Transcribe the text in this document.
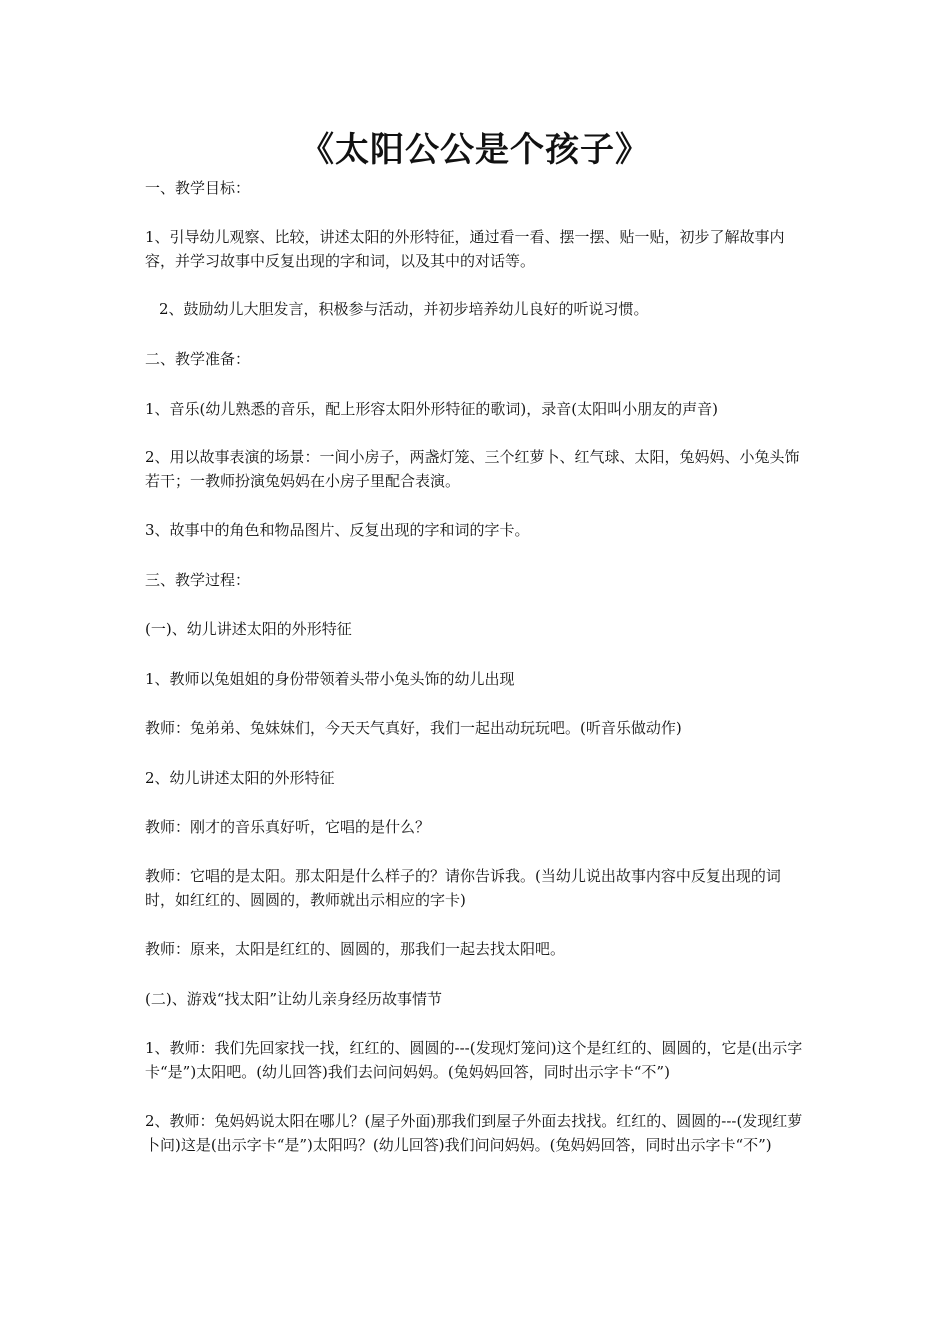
《太阳公公是个孩子》

一、教学目标：

1、引导幼儿观察、比较，讲述太阳的外形特征，通过看一看、摆一摆、贴一贴，初步了解故事内容，并学习故事中反复出现的字和词，以及其中的对话等。

2、鼓励幼儿大胆发言，积极参与活动，并初步培养幼儿良好的听说习惯。

二、教学准备：

1、音乐(幼儿熟悉的音乐，配上形容太阳外形特征的歌词)，录音(太阳叫小朋友的声音)

2、用以故事表演的场景：一间小房子，两盏灯笼、三个红萝卜、红气球、太阳，兔妈妈、小兔头饰若干；一教师扮演兔妈妈在小房子里配合表演。

3、故事中的角色和物品图片、反复出现的字和词的字卡。

三、教学过程：

(一)、幼儿讲述太阳的外形特征

1、教师以兔姐姐的身份带领着头带小兔头饰的幼儿出现

教师：兔弟弟、兔妹妹们，今天天气真好，我们一起出动玩玩吧。(听音乐做动作)

2、幼儿讲述太阳的外形特征

教师：刚才的音乐真好听，它唱的是什么？

教师：它唱的是太阳。那太阳是什么样子的？请你告诉我。(当幼儿说出故事内容中反复出现的词时，如红红的、圆圆的，教师就出示相应的字卡)

教师：原来，太阳是红红的、圆圆的，那我们一起去找太阳吧。

(二)、游戏“找太阳”让幼儿亲身经历故事情节

1、教师：我们先回家找一找，红红的、圆圆的---(发现灯笼问)这个是红红的、圆圆的，它是(出示字卡“是”)太阳吧。(幼儿回答)我们去问问妈妈。(兔妈妈回答，同时出示字卡“不”)

2、教师：兔妈妈说太阳在哪儿？(屋子外面)那我们到屋子外面去找找。红红的、圆圆的---(发现红萝卜问)这是(出示字卡“是”)太阳吗？(幼儿回答)我们问问妈妈。(兔妈妈回答，同时出示字卡“不”)
